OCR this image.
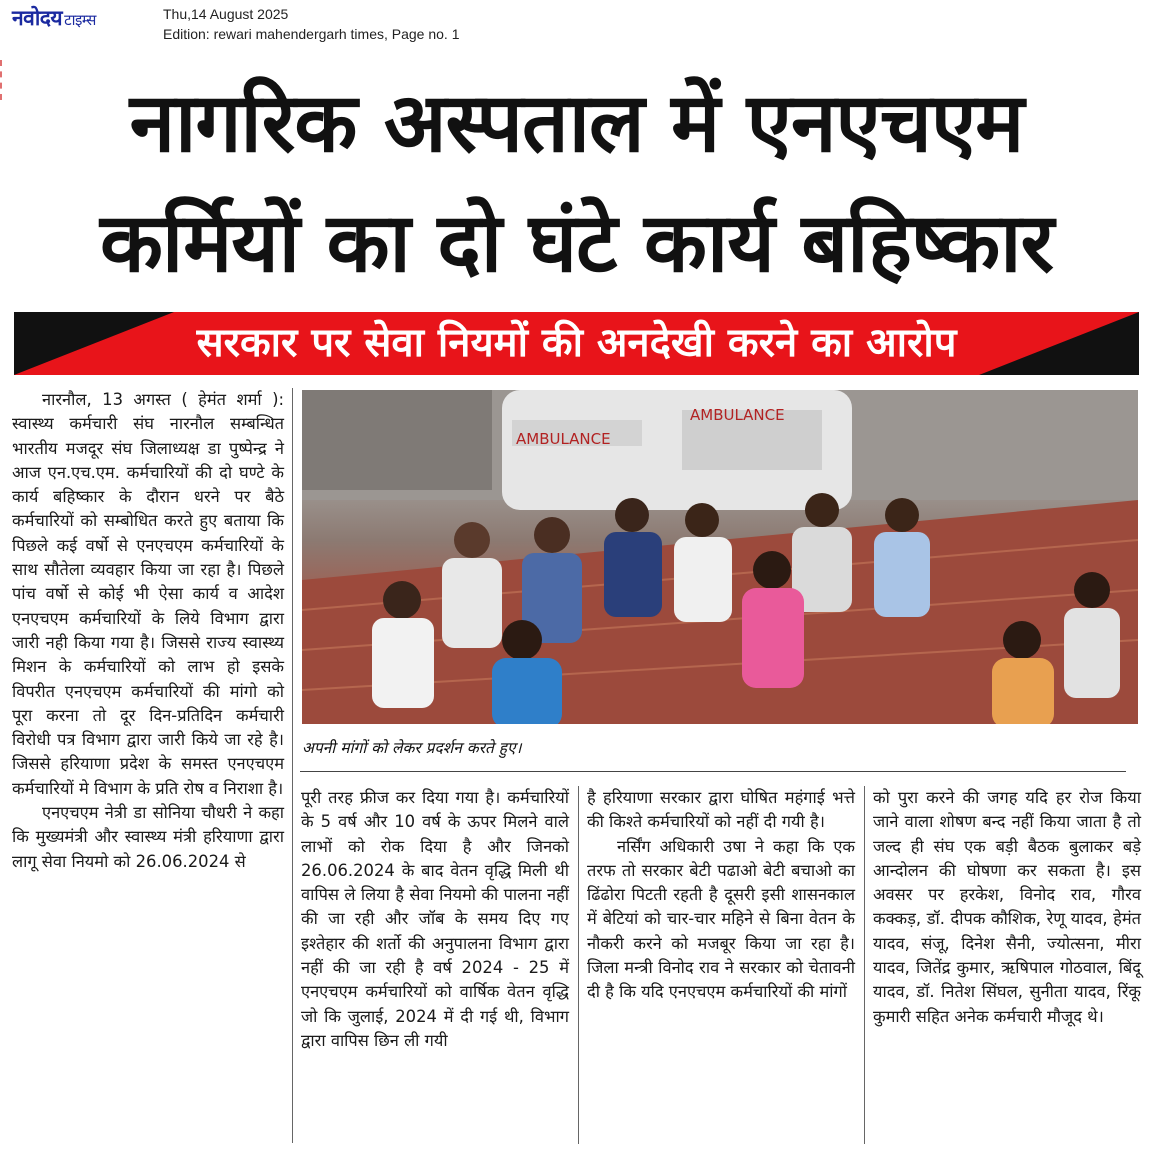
नवोदय टाइम्स	Thu,14 August 2025
Edition: rewari mahendergarh times, Page no. 1
नागरिक अस्पताल में एनएचएम
कर्मियों का दो घंटे कार्य बहिष्कार
सरकार पर सेवा नियमों की अनदेखी करने का आरोप

नारनौल, 13 अगस्त ( हेमंत शर्मा ): स्वास्थ्य कर्मचारी संघ नारनौल सम्बन्धित भारतीय मजदूर संघ जिलाध्यक्ष डा पुष्पेन्द्र ने आज एन.एच.एम. कर्मचारियों की दो घण्टे के कार्य बहिष्कार के दौरान धरने पर बैठे कर्मचारियों को सम्बोधित करते हुए बताया कि पिछले कई वर्षो से एनएचएम कर्मचारियों के साथ सौतेला व्यवहार किया जा रहा है। पिछले पांच वर्षो से कोई भी ऐसा कार्य व आदेश एनएचएम कर्मचारियों के लिये विभाग द्वारा जारी नही किया गया है। जिससे राज्य स्वास्थ्य मिशन के कर्मचारियों को लाभ हो इसके विपरीत एनएचएम कर्मचारियों की मांगो को पूरा करना तो दूर दिन-प्रतिदिन कर्मचारी विरोधी पत्र विभाग द्वारा जारी किये जा रहे है। जिससे हरियाणा प्रदेश के समस्त एनएचएम कर्मचारियों मे विभाग के प्रति रोष व निराशा है।

एनएचएम नेत्री डा सोनिया चौधरी ने कहा कि मुख्यमंत्री और स्वास्थ्य मंत्री हरियाणा द्वारा लागू सेवा नियमो को 26.06.2024 से

AMBULANCE
AMBULANCE
अपनी मांगों को लेकर प्रदर्शन करते हुए।

पूरी तरह फ्रीज कर दिया गया है। कर्मचारियों के 5 वर्ष और 10 वर्ष के ऊपर मिलने वाले लाभों को रोक दिया है और जिनको 26.06.2024 के बाद वेतन वृद्धि मिली थी वापिस ले लिया है सेवा नियमो की पालना नहीं की जा रही और जॉब के समय दिए गए इश्तेहार की शर्तो की अनुपालना विभाग द्वारा नहीं की जा रही है वर्ष 2024 - 25 में एनएचएम कर्मचारियों को वार्षिक वेतन वृद्धि जो कि जुलाई, 2024 में दी गई थी, विभाग द्वारा वापिस छिन ली गयी

है हरियाणा सरकार द्वारा घोषित महंगाई भत्ते की किश्ते कर्मचारियों को नहीं दी गयी है।

नर्सिंग अधिकारी उषा ने कहा कि एक तरफ तो सरकार बेटी पढाओ बेटी बचाओ का ढिंढोरा पिटती रहती है दूसरी इसी शासनकाल में बेटियां को चार-चार महिने से बिना वेतन के नौकरी करने को मजबूर किया जा रहा है। जिला मन्त्री विनोद राव ने सरकार को चेतावनी दी है कि यदि एनएचएम कर्मचारियों की मांगों

को पुरा करने की जगह यदि हर रोज किया जाने वाला शोषण बन्द नहीं किया जाता है तो जल्द ही संघ एक बड़ी बैठक बुलाकर बड़े आन्दोलन की घोषणा कर सकता है। इस अवसर पर हरकेश, विनोद राव, गौरव कक्कड़, डॉ. दीपक कौशिक, रेणू यादव, हेमंत यादव, संजू, दिनेश सैनी, ज्योत्सना, मीरा यादव, जितेंद्र कुमार, ऋषिपाल गोठवाल, बिंदू यादव, डॉ. नितेश सिंघल, सुनीता यादव, रिंकू कुमारी सहित अनेक कर्मचारी मौजूद थे।
